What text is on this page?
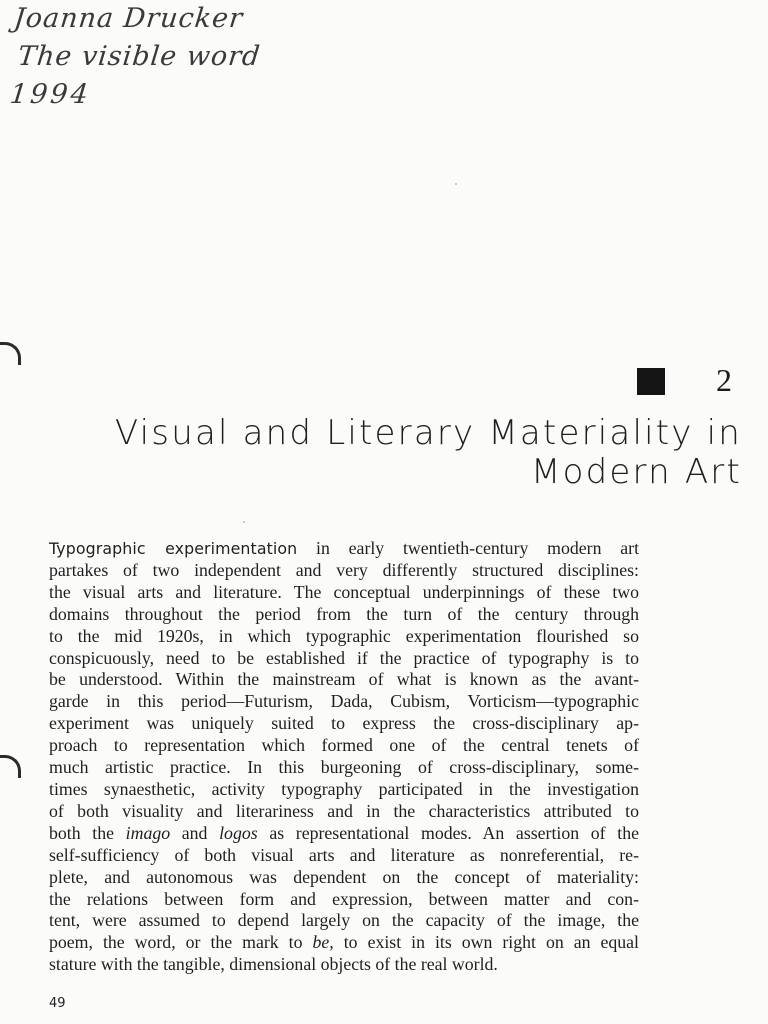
Joanna Drucker
The visible word
1994
2
Visual and Literary Materiality in
Modern Art
Typographic experimentation in early twentieth-century modern art
partakes of two independent and very differently structured disciplines:
the visual arts and literature. The conceptual underpinnings of these two
domains throughout the period from the turn of the century through
to the mid 1920s, in which typographic experimentation flourished so
conspicuously, need to be established if the practice of typography is to
be understood. Within the mainstream of what is known as the avant-
garde in this period—Futurism, Dada, Cubism, Vorticism—typographic
experiment was uniquely suited to express the cross-disciplinary ap-
proach to representation which formed one of the central tenets of
much artistic practice. In this burgeoning of cross-disciplinary, some-
times synaesthetic, activity typography participated in the investigation
of both visuality and literariness and in the characteristics attributed to
both the imago and logos as representational modes. An assertion of the
self-sufficiency of both visual arts and literature as nonreferential, re-
plete, and autonomous was dependent on the concept of materiality:
the relations between form and expression, between matter and con-
tent, were assumed to depend largely on the capacity of the image, the
poem, the word, or the mark to be, to exist in its own right on an equal
stature with the tangible, dimensional objects of the real world.
49
